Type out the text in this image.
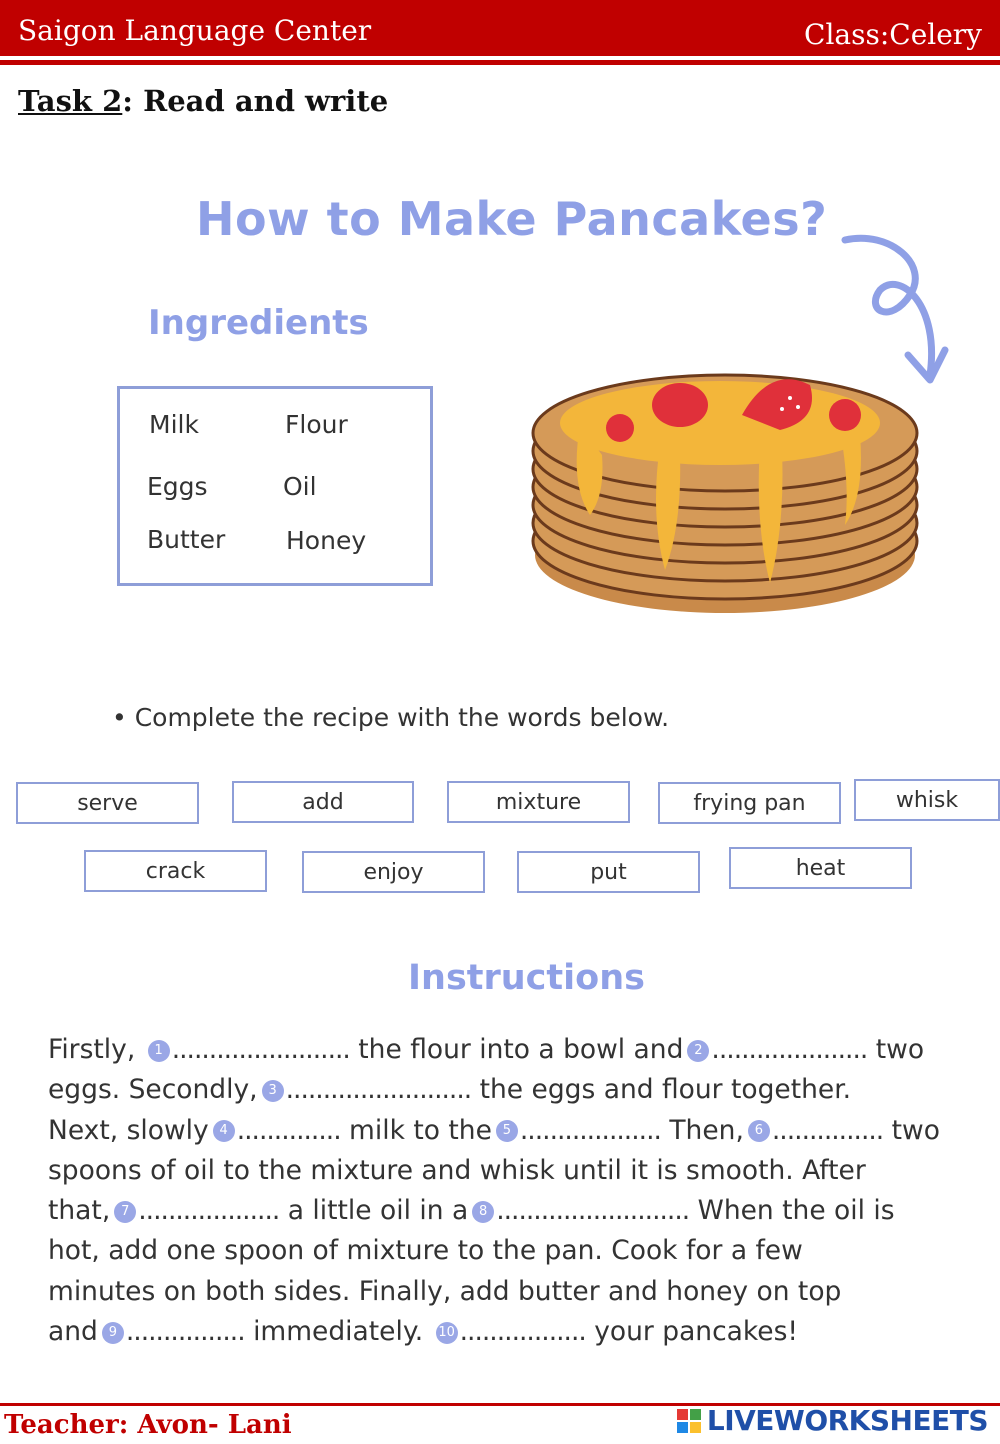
Saigon Language Center	Class:Celery
Task 2: Read and write
How to Make Pancakes?
Ingredients
Milk	Flour
Eggs	Oil
Butter Honey
• Complete the recipe with the words below.
serve	add	mixture	frying pan	whisk
crack	enjoy	put	heat
Instructions
Firstly, 1 ........................ the flour into a bowl and 2 ..................... two
eggs. Secondly, 3 ......................... the eggs and flour together.
Next, slowly 4 .............. milk to the 5 ................... Then, 6 ............... two
spoons of oil to the mixture and whisk until it is smooth. After
that, 7 ................... a little oil in a 8 .......................... When the oil is
hot, add one spoon of mixture to the pan. Cook for a few
minutes on both sides. Finally, add butter and honey on top
and 9 ................ immediately. 10 ................. your pancakes!
Teacher: Avon- Lani	LIVEWORKSHEETS
